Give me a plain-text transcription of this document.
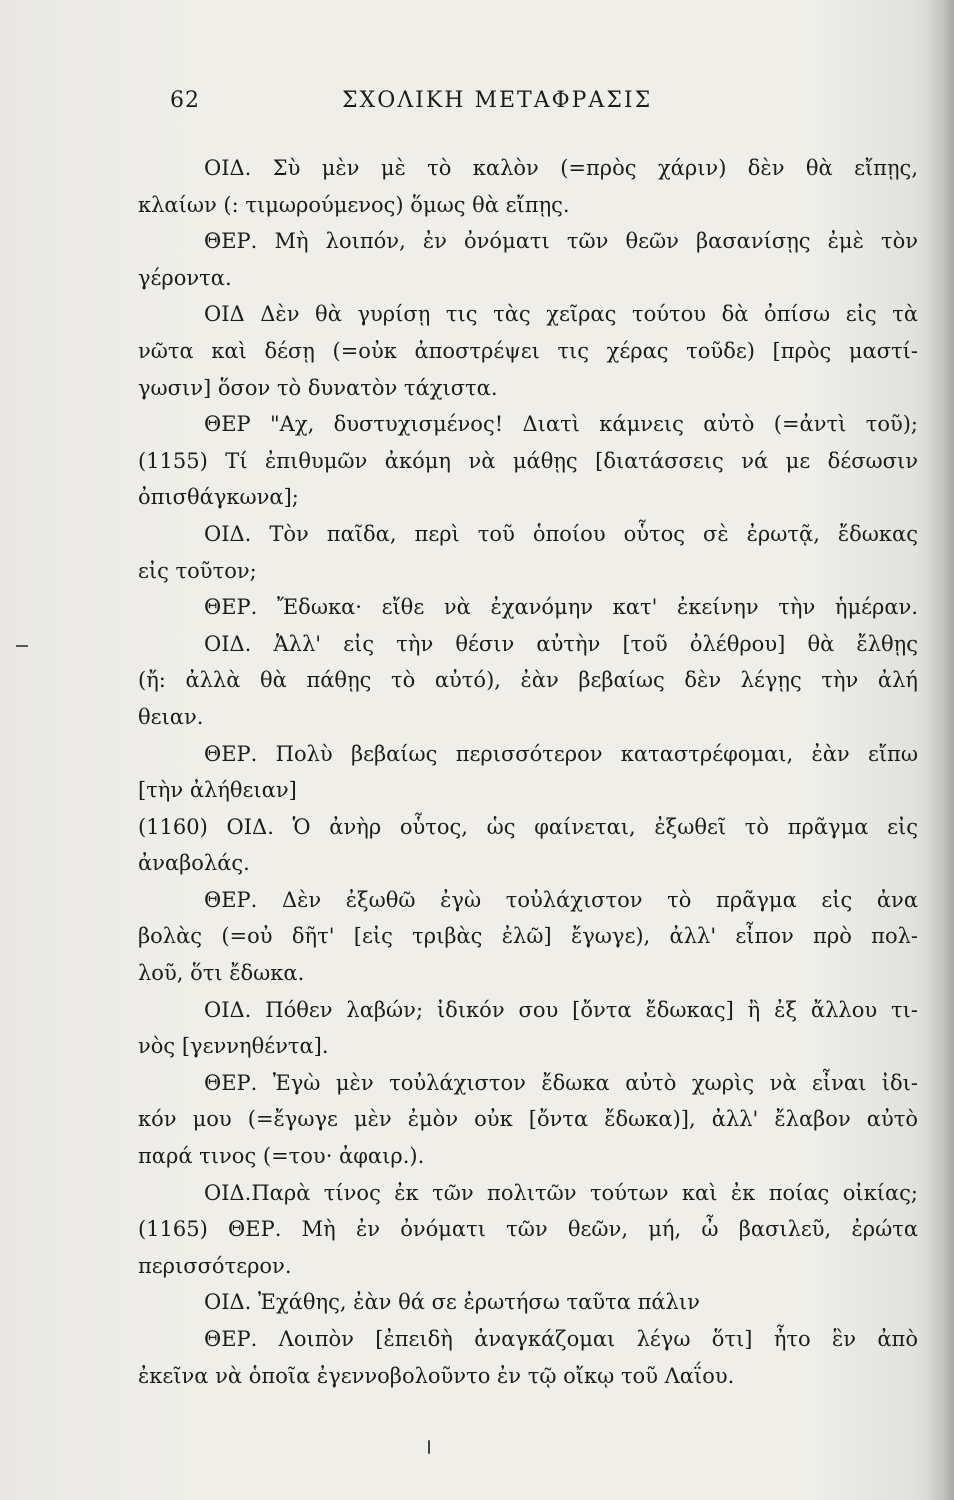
62	ΣΧΟΛΙΚΗ ΜΕΤΑΦΡΑΣΙΣ
ΟΙΔ. Σὺ μὲν μὲ τὸ καλὸν (=πρὸς χάριν) δὲν θὰ εἴπῃς,
κλαίων (: τιμωρούμενος) ὅμως θὰ εἴπῃς.
ΘΕΡ. Μὴ λοιπόν, ἐν ὀνόματι τῶν θεῶν βασανίσῃς ἐμὲ τὸν
γέροντα.
ΟΙΔ Δὲν θὰ γυρίσῃ τις τὰς χεῖρας τούτου δὰ ὀπίσω εἰς τὰ
νῶτα καὶ δέσῃ (=οὐκ ἀποστρέψει τις χέρας τοῦδε) [πρὸς μαστί-
γωσιν] ὅσον τὸ δυνατὸν τάχιστα.
ΘΕΡ "Αχ, δυστυχισμένος! Διατὶ κάμνεις αὐτὸ (=ἀντὶ τοῦ);
(1155) Τί ἐπιθυμῶν ἀκόμη νὰ μάθῃς [διατάσσεις νά με δέσωσιν
ὀπισθάγκωνα];
ΟΙΔ. Τὸν παῖδα, περὶ τοῦ ὁποίου οὗτος σὲ ἐρωτᾷ, ἔδωκας
εἰς τοῦτον;
ΘΕΡ. Ἔδωκα· εἴθε νὰ ἐχανόμην κατ' ἐκείνην τὴν ἡμέραν.
ΟΙΔ. Ἀλλ' εἰς τὴν θέσιν αὐτὴν [τοῦ ὀλέθρου] θὰ ἔλθῃς
(ἤ: ἀλλὰ θὰ πάθῃς τὸ αὐτό), ἐὰν βεβαίως δὲν λέγῃς τὴν ἀλή
θειαν.
ΘΕΡ. Πολὺ βεβαίως περισσότερον καταστρέφομαι, ἐὰν εἴπω
[τὴν ἀλήθειαν]
(1160) ΟΙΔ. Ὁ ἀνὴρ οὗτος, ὡς φαίνεται, ἐξωθεῖ τὸ πρᾶγμα εἰς
ἀναβολάς.
ΘΕΡ. Δὲν ἐξωθῶ ἐγὼ τοὐλάχιστον τὸ πρᾶγμα εἰς ἀνα
βολὰς (=οὐ δῆτ' [εἰς τριβὰς ἐλῶ] ἔγωγε), ἀλλ' εἶπον πρὸ πολ-
λοῦ, ὅτι ἔδωκα.
ΟΙΔ. Πόθεν λαβών; ἰδικόν σου [ὄντα ἔδωκας] ἢ ἐξ ἄλλου τι-
νὸς [γεννηθέντα].
ΘΕΡ. Ἐγὼ μὲν τοὐλάχιστον ἔδωκα αὐτὸ χωρὶς νὰ εἶναι ἰδι-
κόν μου (=ἔγωγε μὲν ἐμὸν οὐκ [ὄντα ἔδωκα)], ἀλλ' ἔλαβον αὐτὸ
παρά τινος (=του· ἀφαιρ.).
ΟΙΔ.Παρὰ τίνος ἐκ τῶν πολιτῶν τούτων καὶ ἐκ ποίας οἰκίας;
(1165) ΘΕΡ. Μὴ ἐν ὀνόματι τῶν θεῶν, μή, ὦ βασιλεῦ, ἐρώτα
περισσότερον.
ΟΙΔ. Ἐχάθης, ἐὰν θά σε ἐρωτήσω ταῦτα πάλιν
ΘΕΡ. Λοιπὸν [ἐπειδὴ ἀναγκάζομαι λέγω ὅτι] ἦτο ἓν ἀπὸ
ἐκεῖνα νὰ ὁποῖα ἐγεννοβολοῦντο ἐν τῷ οἴκῳ τοῦ Λαΐου.
